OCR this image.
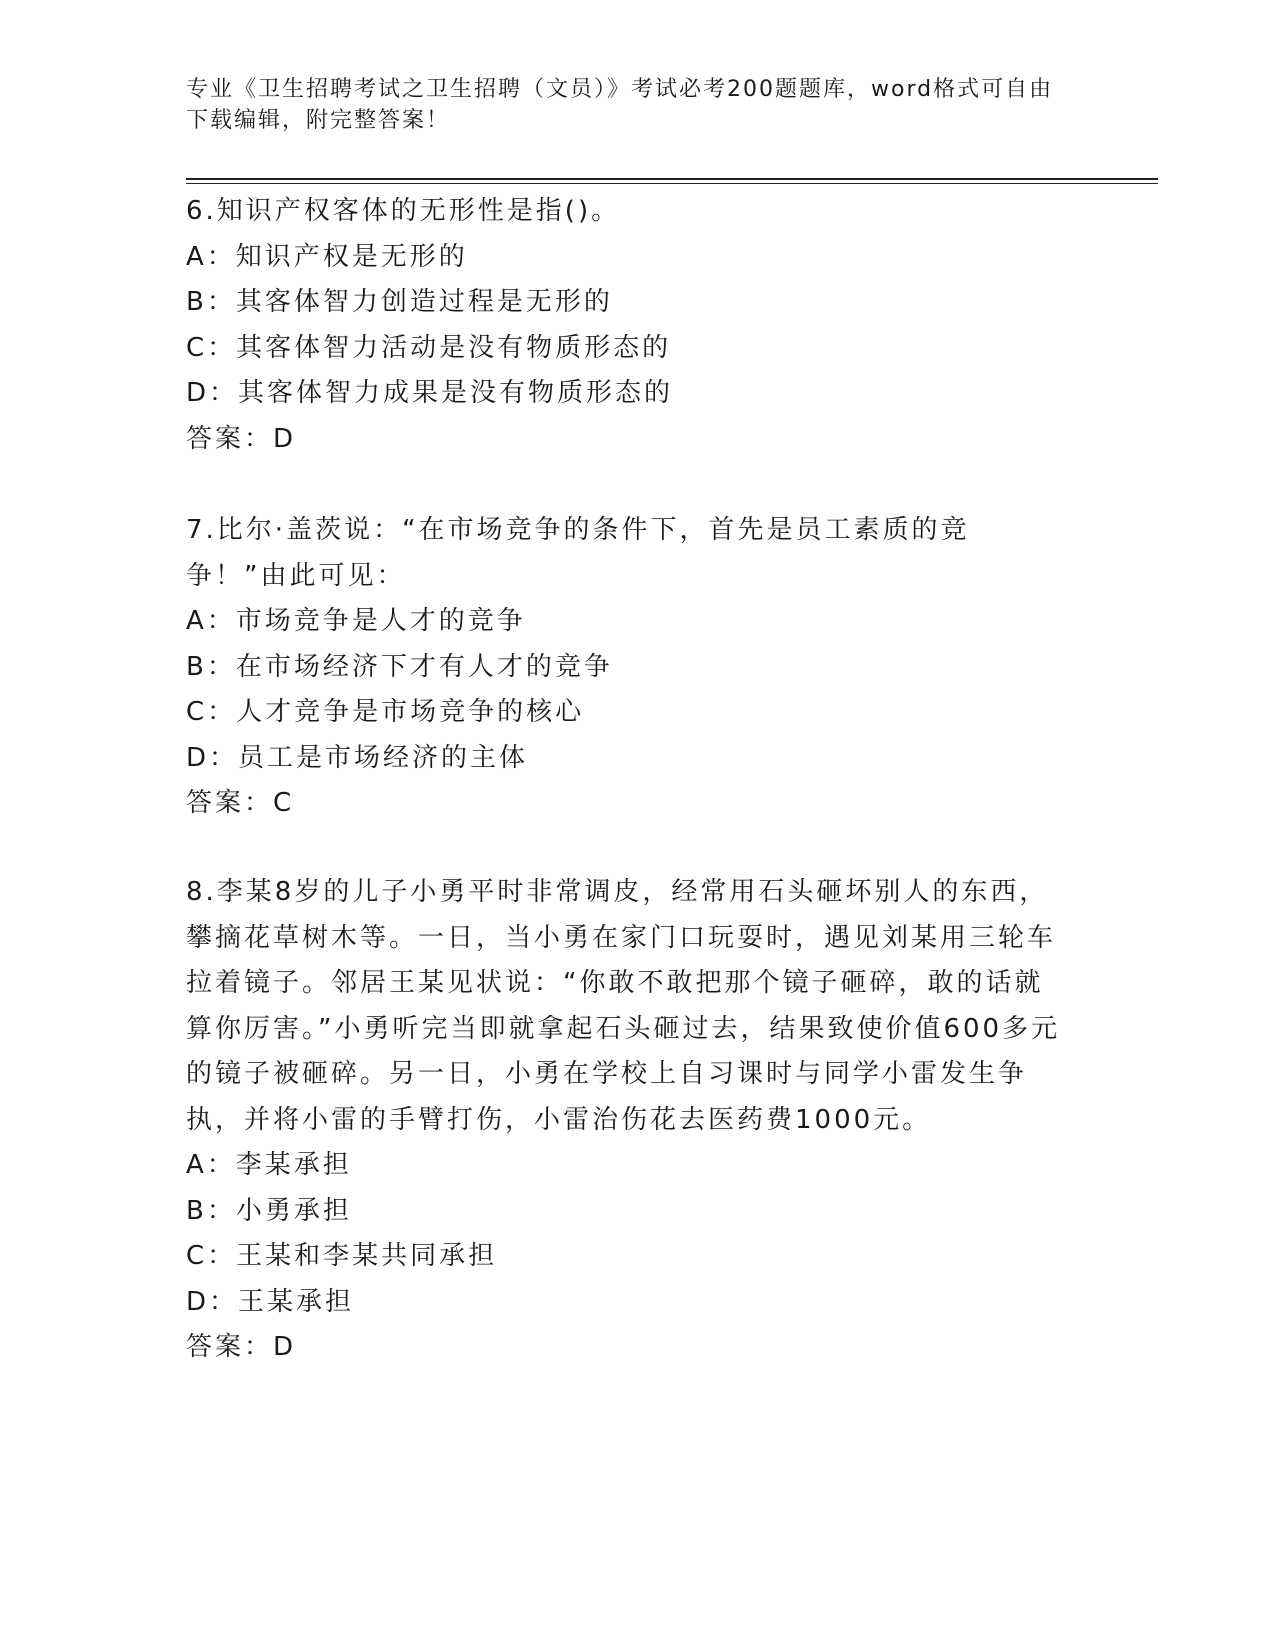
专业《卫生招聘考试之卫生招聘（文员）》考试必考200题题库，word格式可自由下载编辑，附完整答案！

6.知识产权客体的无形性是指()。

A：知识产权是无形的

B：其客体智力创造过程是无形的

C：其客体智力活动是没有物质形态的

D：其客体智力成果是没有物质形态的

答案：D

7.比尔·盖茨说：“在市场竞争的条件下，首先是员工素质的竞争！”由此可见：

A：市场竞争是人才的竞争

B：在市场经济下才有人才的竞争

C：人才竞争是市场竞争的核心

D：员工是市场经济的主体

答案：C

8.李某8岁的儿子小勇平时非常调皮，经常用石头砸坏别人的东西，攀摘花草树木等。一日，当小勇在家门口玩耍时，遇见刘某用三轮车拉着镜子。邻居王某见状说：“你敢不敢把那个镜子砸碎，敢的话就算你厉害。”小勇听完当即就拿起石头砸过去，结果致使价值600多元的镜子被砸碎。另一日，小勇在学校上自习课时与同学小雷发生争执，并将小雷的手臂打伤，小雷治伤花去医药费1000元。

A：李某承担

B：小勇承担

C：王某和李某共同承担

D：王某承担

答案：D
